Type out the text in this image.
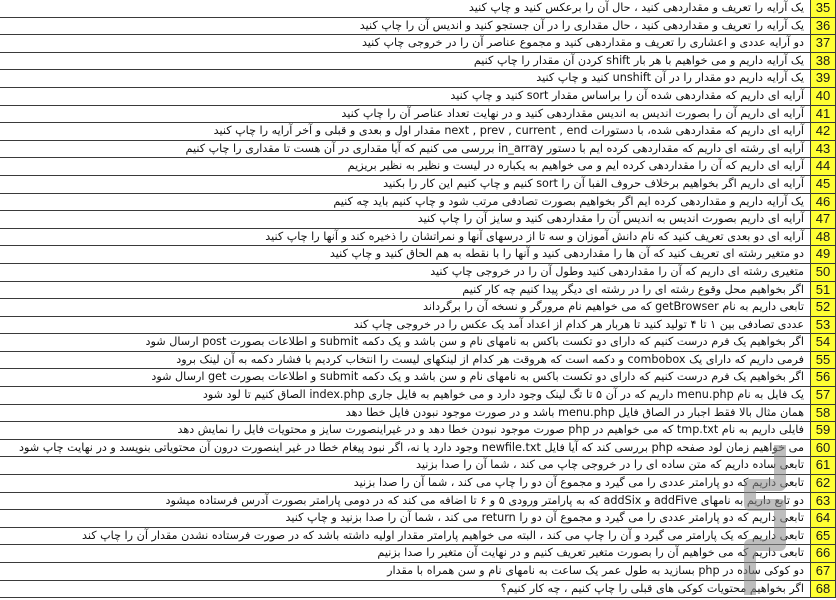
35
یک آرایه را تعریف و مقداردهی کنید ، حال آن را برعکس کنید و چاپ کنید
36
یک آرایه را تعریف و مقداردهی کنید ، حال مقداری را در آن جستجو کنید و اندیس آن را چاپ کنید
37
دو آرایه عددی و اعشاری را تعریف و مقداردهی کنید و مجموع عناصر آن را در خروجی چاپ کنید
38
یک آرایه داریم و می خواهیم با هر بار shift کردن آن مقدار را چاپ کنیم
39
یک آرایه داریم دو مقدار را در آن unshift کنید و چاپ کنید
40
آرایه ای داریم که مقداردهی شده آن را براساس مقدار sort کنید و چاپ کنید
41
آرایه ای داریم آن را بصورت اندیس به اندیس مقداردهی کنید و در نهایت تعداد عناصر آن را چاپ کنید
42
آرایه ای داریم که مقداردهی شده، با دستورات next , prev , current , end مقدار اول و بعدی و قبلی و آخر آرایه را چاپ کنید
43
آرایه ای رشته ای داریم که مقداردهی کرده ایم با دستور in_array بررسی می کنیم که آیا مقداری در آن هست تا مقداری را چاپ کنیم
44
آرایه ای داریم که آن را مقداردهی کرده ایم و می خواهیم به یکباره در لیست و نظیر به نظیر بریزیم
45
آرایه ای داریم اگر بخواهیم برخلاف حروف الفبا آن را sort کنیم و چاپ کنیم این کار را بکنید
46
یک آرایه داریم و مقداردهی کرده ایم اگر بخواهیم بصورت تصادفی مرتب شود و چاپ کنیم باید چه کنیم
47
آرایه ای داریم بصورت اندیس به اندیس آن را مقداردهی کنید و سایز آن را چاپ کنید
48
آرایه ای دو بعدی تعریف کنید که نام دانش آموزان و سه تا از درسهای آنها و نمراتشان را ذخیره کند و آنها را چاپ کنید
49
دو متغیر رشته ای تعریف کنید که آن ها را مقداردهی کنید و آنها را با نقطه به هم الحاق کنید و چاپ کنید
50
متغیری رشته ای داریم که آن را مقداردهی کنید وطول آن را در خروجی چاپ کنید
51
اگر بخواهیم محل وقوع رشته ای را در رشته ای دیگر پیدا کنیم چه کار کنیم
52
تابعی داریم به نام getBrowser که می خواهیم نام مرورگر و نسخه آن را برگرداند
53
عددی تصادفی بین ۱ تا ۴ تولید کنید تا هربار هر کدام از اعداد آمد یک عکس را در خروجی چاپ کند
54
اگر بخواهیم یک فرم درست کنیم که دارای دو تکست باکس به نامهای نام و سن باشد و یک دکمه submit و اطلاعات بصورت post ارسال شود
55
فرمی داریم که دارای یک combobox و دکمه است که هروقت هر کدام از لینکهای لیست را انتخاب کردیم با فشار دکمه به آن لینک برود
56
اگر بخواهیم یک فرم درست کنیم که دارای دو تکست باکس به نامهای نام و سن باشد و یک دکمه submit و اطلاعات بصورت get ارسال شود
57
یک فایل به نام menu.php داریم که در آن ۵ تا تگ لینک وجود دارد و می خواهیم به فایل جاری index.php الصاق کنیم تا لود شود
58
همان مثال بالا فقط اجبار در الصاق فایل menu.php باشد و در صورت موجود نبودن فایل خطا دهد
59
فایلی داریم به نام tmp.txt که می خواهیم در php صورت موجود نبودن خطا دهد و در غیراینصورت سایز و محتویات فایل را نمایش دهد
60
می خواهیم زمان لود صفحه php بررسی کند که آیا فایل newfile.txt وجود دارد یا نه، اگر نبود پیغام خطا در غیر اینصورت درون آن محتویاتی بنویسد و در نهایت چاپ شود
61
تابعی ساده داریم که متن ساده ای را در خروجی چاپ می کند ، شما آن را صدا بزنید
62
تابعی داریم که دو پارامتر عددی را می گیرد و مجموع آن دو را چاپ می کند ، شما آن را صدا بزنید
63
دو تابع داریم به نامهای addFive و addSix که به پارامتر ورودی ۵ و ۶ تا اضافه می کند که در دومی پارامتر بصورت آدرس فرستاده میشود
64
تابعی داریم که دو پارامتر عددی را می گیرد و مجموع آن دو را return می کند ، شما آن را صدا بزنید و چاپ کنید
65
تابعی داریم که یک پارامتر می گیرد و آن را چاپ می کند ، البته می خواهیم پارامتر مقدار اولیه داشته باشد که در صورت فرستاده نشدن مقدار آن را چاپ کند
66
تابعی داریم که می خواهیم آن را بصورت متغیر تعریف کنیم و در نهایت آن متغیر را صدا بزنیم
67
دو کوکی ساده در php بسازید به طول عمر یک ساعت به نامهای نام و سن همراه با مقدار
68
اگر بخواهیم محتویات کوکی های قبلی را چاپ کنیم ، چه کار کنیم؟
